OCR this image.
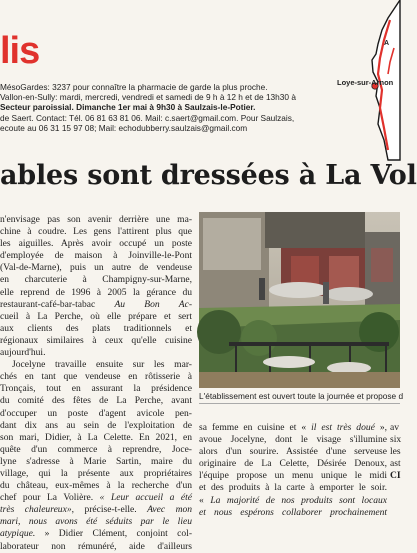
lis
MésoGardes: 3237 pour connaître la pharmacie de garde la plus proche.
Vallon-en-Sully: mardi, mercredi, vendredi et samedi de 9 h à 12 h et de 13h30 à
Secteur paroissial. Dimanche 1er mai à 9h30 à Saulzais-le-Potier.
de Saert. Contact: Tél. 06 81 63 81 06. Mail: c.saert@gmail.com. Pour Saulzais,
ecoute au 06 31 15 97 08; Mail: echodubberry.saulzais@gmail.com
A
Loye-sur-Arnon
ables sont dressées à La Vol
n'envisage pas son avenir derrière une ma-
chine à coudre. Les gens l'attirent plus que
les aiguilles. Après avoir occupé un poste
d'employée de maison à Joinville-le-Pont
(Val-de-Marne), puis un autre de vendeuse
en charcuterie à Champigny-sur-Marne,
elle reprend de 1996 à 2005 la gérance du
restaurant-café-bar-tabac Au Bon Ac-
cueil à La Perche, où elle prépare et sert
aux clients des plats traditionnels et
régionaux similaires à ceux qu'elle cuisine
aujourd'hui.
Jocelyne travaille ensuite sur les mar-
chés en tant que vendeuse en rôtisserie à
Tronçais, tout en assurant la présidence
du comité des fêtes de La Perche, avant
d'occuper un poste d'agent avicole pen-
dant dix ans au sein de l'exploitation de
son mari, Didier, à La Celette. En 2021, en
quête d'un commerce à reprendre, Joce-
lyne s'adresse à Marie Sartin, maire du
village, qui la présente aux propriétaires
du château, eux-mêmes à la recherche d'un
chef pour La Volière. « Leur accueil a été
très chaleureux», précise-t-elle. Avec mon
mari, nous avons été séduits par le lieu
atypique. » Didier Clément, conjoint col-
laborateur non rémunéré, aide d'ailleurs
L'établissement est ouvert toute la journée et propose d
sa femme en cuisine et « il est très doué »,
avoue Jocelyne, dont le visage s'illumine
alors d'un sourire. Assistée d'une serveuse
originaire de La Celette, Désirée Denoux,
l'équipe propose un menu unique le midi
et des produits à la carte à emporter le soir.
« La majorité de nos produits sont locaux
et nous espérons collaborer prochainement
av
six
les
ast
CI
